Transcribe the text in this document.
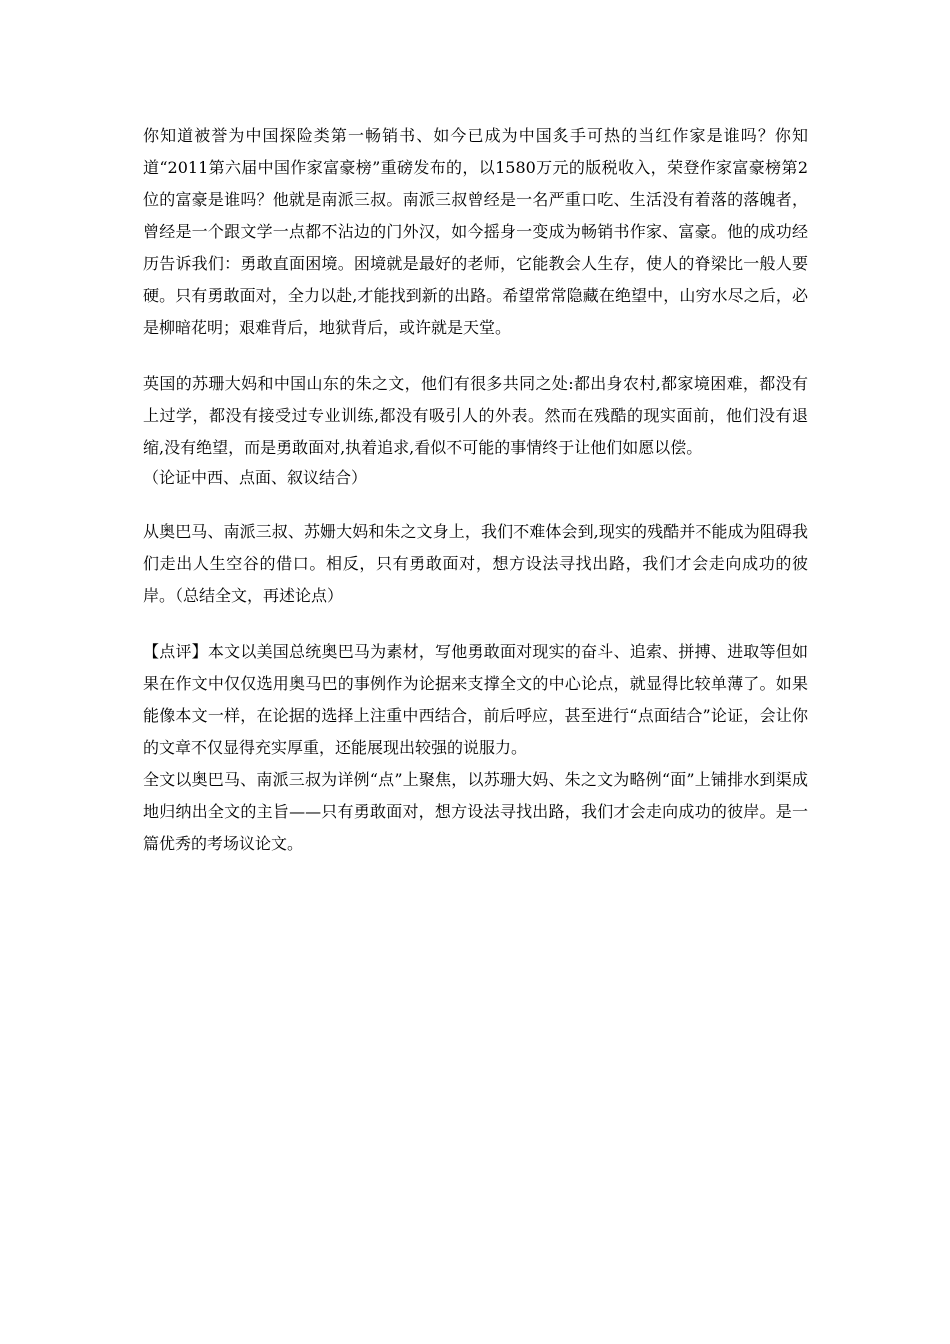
你知道被誉为中国探险类第一畅销书、如今已成为中国炙手可热的当红作家是谁吗？你知道“2011第六届中国作家富豪榜”重磅发布的，以1580万元的版税收入，荣登作家富豪榜第2位的富豪是谁吗？他就是南派三叔。南派三叔曾经是一名严重口吃、生活没有着落的落魄者，曾经是一个跟文学一点都不沾边的门外汉，如今摇身一变成为畅销书作家、富豪。他的成功经历告诉我们：勇敢直面困境。困境就是最好的老师，它能教会人生存，使人的脊梁比一般人要硬。只有勇敢面对，全力以赴,才能找到新的出路。希望常常隐藏在绝望中，山穷水尽之后，必是柳暗花明；艰难背后，地狱背后，或许就是天堂。

英国的苏珊大妈和中国山东的朱之文，他们有很多共同之处:都出身农村,都家境困难，都没有上过学，都没有接受过专业训练,都没有吸引人的外表。然而在残酷的现实面前，他们没有退缩,没有绝望，而是勇敢面对,执着追求,看似不可能的事情终于让他们如愿以偿。

（论证中西、点面、叙议结合）

从奥巴马、南派三叔、苏姗大妈和朱之文身上，我们不难体会到,现实的残酷并不能成为阻碍我们走出人生空谷的借口。相反，只有勇敢面对，想方设法寻找出路，我们才会走向成功的彼岸。（总结全文，再述论点）

【点评】本文以美国总统奥巴马为素材，写他勇敢面对现实的奋斗、追索、拼搏、进取等但如果在作文中仅仅选用奥马巴的事例作为论据来支撑全文的中心论点，就显得比较单薄了。如果能像本文一样，在论据的选择上注重中西结合，前后呼应，甚至进行“点面结合”论证，会让你的文章不仅显得充实厚重，还能展现出较强的说服力。

全文以奥巴马、南派三叔为详例“点”上聚焦，以苏珊大妈、朱之文为略例“面”上铺排水到渠成地归纳出全文的主旨——只有勇敢面对，想方设法寻找出路，我们才会走向成功的彼岸。是一篇优秀的考场议论文。
